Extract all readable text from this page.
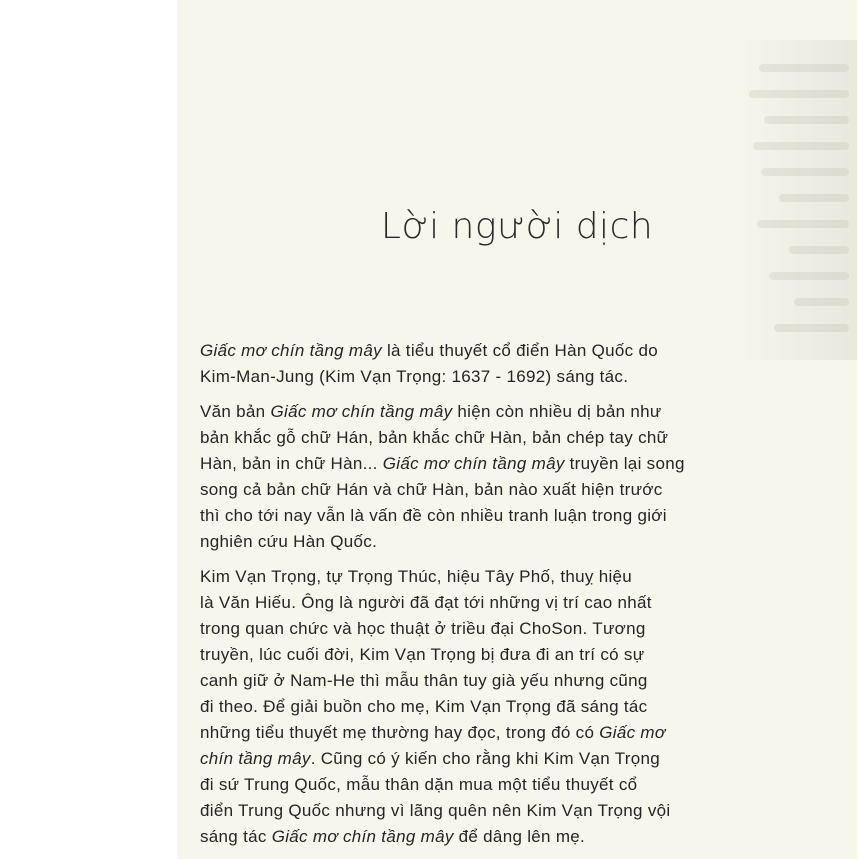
Lời người dịch

Giấc mơ chín tầng mây là tiểu thuyết cổ điển Hàn Quốc do
Kim-Man-Jung (Kim Vạn Trọng: 1637 - 1692) sáng tác.

Văn bản Giấc mơ chín tầng mây hiện còn nhiều dị bản như
bản khắc gỗ chữ Hán, bản khắc chữ Hàn, bản chép tay chữ
Hàn, bản in chữ Hàn... Giấc mơ chín tầng mây truyền lại song
song cả bản chữ Hán và chữ Hàn, bản nào xuất hiện trước
thì cho tới nay vẫn là vấn đề còn nhiều tranh luận trong giới
nghiên cứu Hàn Quốc.

Kim Vạn Trọng, tự Trọng Thúc, hiệu Tây Phố, thuỵ hiệu
là Văn Hiếu. Ông là người đã đạt tới những vị trí cao nhất
trong quan chức và học thuật ở triều đại ChoSon. Tương
truyền, lúc cuối đời, Kim Vạn Trọng bị đưa đi an trí có sự
canh giữ ở Nam-He thì mẫu thân tuy già yếu nhưng cũng
đi theo. Để giải buồn cho mẹ, Kim Vạn Trọng đã sáng tác
những tiểu thuyết mẹ thường hay đọc, trong đó có Giấc mơ
chín tầng mây. Cũng có ý kiến cho rằng khi Kim Vạn Trọng
đi sứ Trung Quốc, mẫu thân dặn mua một tiểu thuyết cổ
điển Trung Quốc nhưng vì lãng quên nên Kim Vạn Trọng vội
sáng tác Giấc mơ chín tầng mây để dâng lên mẹ.
